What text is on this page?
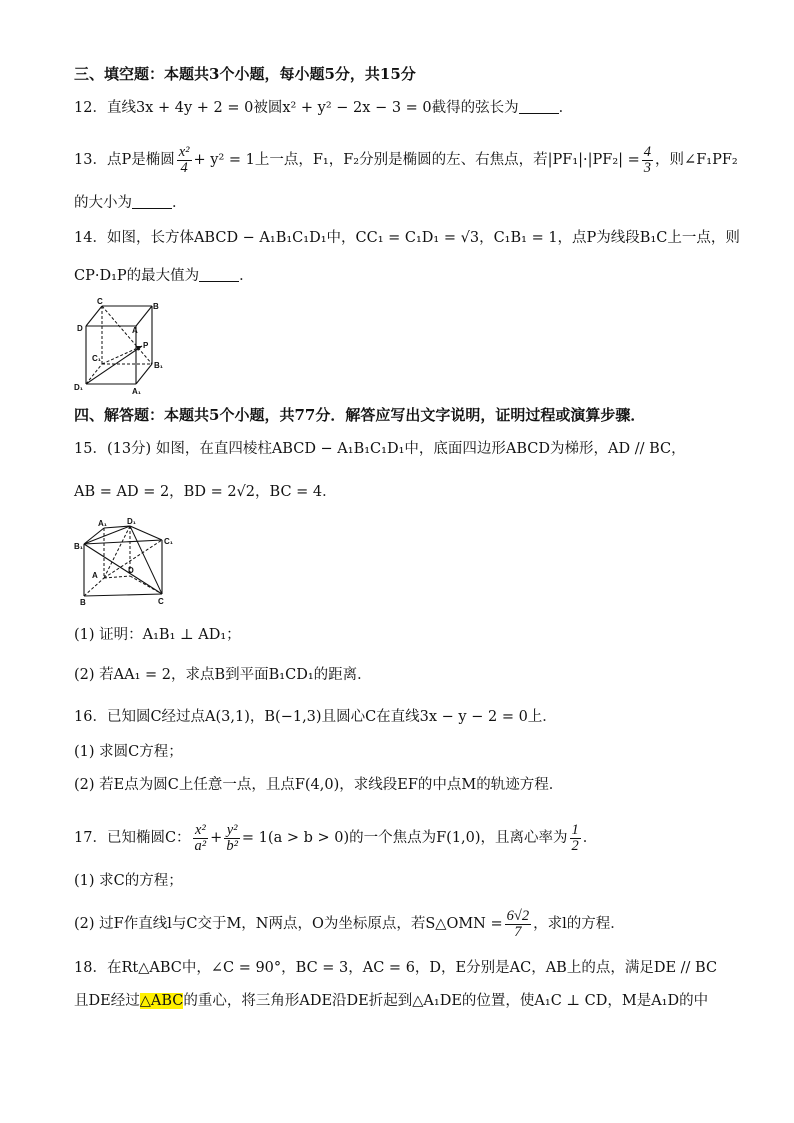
三、填空题：本题共3个小题，每小题5分，共15分
12．直线3x + 4y + 2 = 0被圆x² + y² − 2x − 3 = 0截得的弦长为	．
13．点P是椭圆 $\frac{\text{x²}}{4} + y^2 = 1$上一点，F₁，F₂分别是椭圆的左、右焦点，若$|PF_1|\cdot|PF_2| = \frac{4}{3}$ ，则∠F₁PF₂
的大小为	．
14．如图，长方体ABCD − A₁B₁C₁D₁中，CC₁ = C₁D₁ = √3，C₁B₁ = 1，点P为线段B₁C上一点，则
CP·D₁P的最大值为	．
C
B
D	A
P
C₁
B₁
D₁	A₁
四、解答题：本题共5个小题，共77分．解答应写出文字说明，证明过程或演算步骤．
15．(13分) 如图，在直四棱柱ABCD − A₁B₁C₁D₁中，底面四边形ABCD为梯形，AD // BC，
AB = AD = 2，BD = 2√2，BC = 4．
A₁ D₁
B₁
C₁
A
D
B	C
(1) 证明：A₁B₁ ⊥ AD₁；
(2) 若AA₁ = 2，求点B到平面B₁CD₁的距离．
16．已知圆C经过点A(3,1)，B(−1,3)且圆心C在直线3x − y − 2 = 0上．
(1) 求圆C方程；
(2) 若E点为圆C上任意一点，且点F(4,0)，求线段EF的中点M的轨迹方程．
17．已知椭圆C： $\frac{\text{x²}}{\text{a²}} + \frac{\text{y²}}{\text{b²}} = 1(a > b > 0)$的一个焦点为F(1,0)，且离心率为 $\frac{1}{2}$ ．
(1) 求C的方程；
(2) 过F作直线l与C交于M，N两点，O为坐标原点，若S△OMN = $\frac{6√2}{7}$ ，求l的方程．
18．在Rt△ABC中，∠C = 90°，BC = 3，AC = 6，D，E分别是AC，AB上的点，满足DE // BC
且DE经过△ABC的重心，将三角形ADE沿DE折起到△A₁DE的位置，使A₁C ⊥ CD，M是A₁D的中
